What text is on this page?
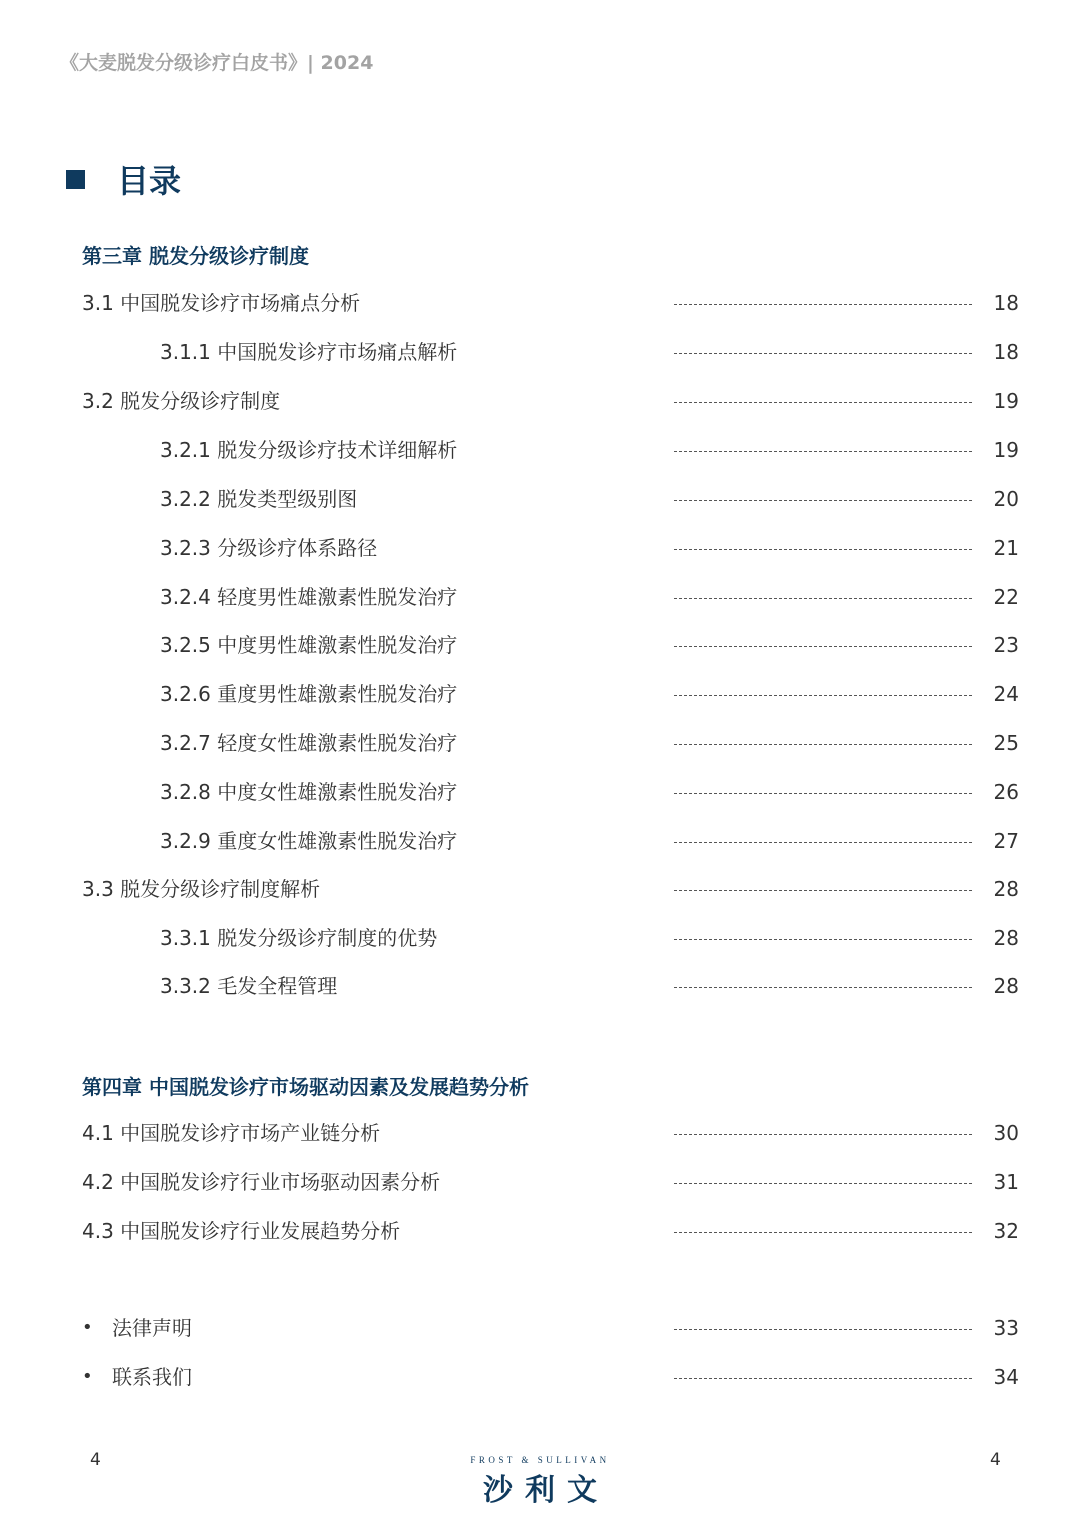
《大麦脱发分级诊疗白皮书》| 2024
目录
第三章 脱发分级诊疗制度
3.1 中国脱发诊疗市场痛点分析	18
3.1.1 中国脱发诊疗市场痛点解析	18
3.2 脱发分级诊疗制度	19
3.2.1 脱发分级诊疗技术详细解析	19
3.2.2 脱发类型级别图	20
3.2.3 分级诊疗体系路径	21
3.2.4 轻度男性雄激素性脱发治疗	22
3.2.5 中度男性雄激素性脱发治疗	23
3.2.6 重度男性雄激素性脱发治疗	24
3.2.7 轻度女性雄激素性脱发治疗	25
3.2.8 中度女性雄激素性脱发治疗	26
3.2.9 重度女性雄激素性脱发治疗	27
3.3 脱发分级诊疗制度解析	28
3.3.1 脱发分级诊疗制度的优势	28
3.3.2 毛发全程管理	28
第四章 中国脱发诊疗市场驱动因素及发展趋势分析
4.1 中国脱发诊疗市场产业链分析	30
4.2 中国脱发诊疗行业市场驱动因素分析	31
4.3 中国脱发诊疗行业发展趋势分析	32
• 法律声明	33
• 联系我们	34
4	FROST & SULLIVAN
沙利文
4
